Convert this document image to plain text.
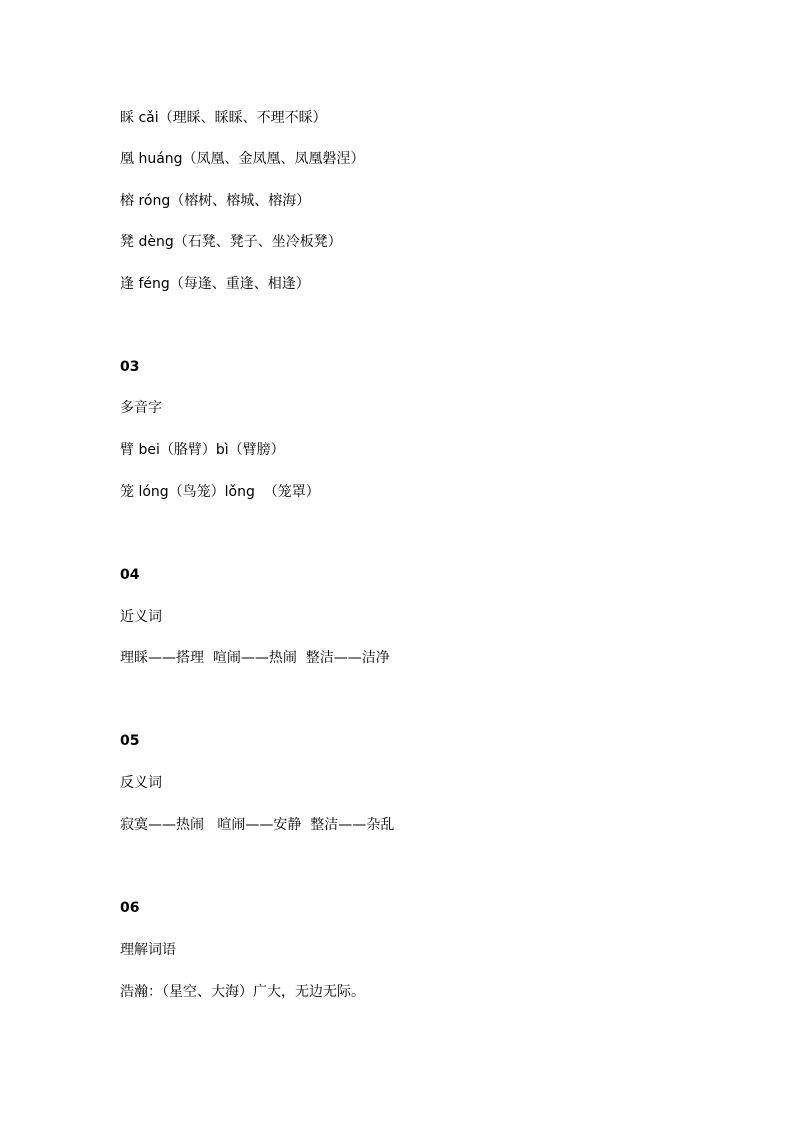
睬 cǎi（理睬、睬睬、不理不睬）
凰 huáng（凤凰、金凤凰、凤凰磐涅）
榕 róng（榕树、榕城、榕海）
凳 dèng（石凳、凳子、坐冷板凳）
逢 féng（每逢、重逢、相逢）
03
多音字
臂 bei（胳臂）bì（臂膀）
笼 lóng（鸟笼）lǒng  （笼罩）
04
近义词
理睬——搭理  喧闹——热闹  整洁——洁净
05
反义词
寂寞——热闹   喧闹——安静  整洁——杂乱
06
理解词语
浩瀚：（星空、大海）广大，无边无际。
